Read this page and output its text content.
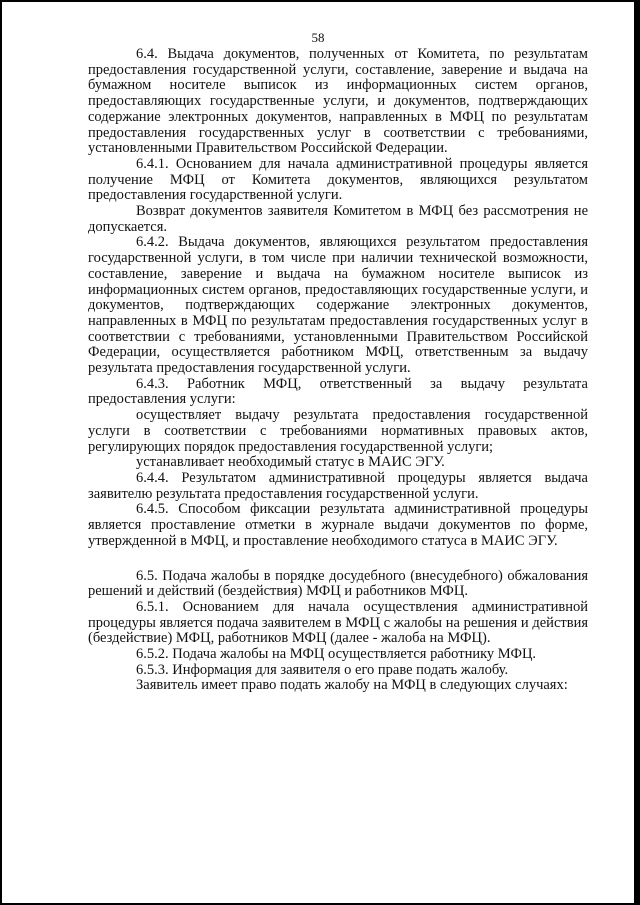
58

6.4. Выдача документов, полученных от Комитета, по результатам предоставления государственной услуги, составление, заверение и выдача на бумажном носителе выписок из информационных систем органов, предоставляющих государственные услуги, и документов, подтверждающих содержание электронных документов, направленных в МФЦ по результатам предоставления государственных услуг в соответствии с требованиями, установленными Правительством Российской Федерации.

6.4.1. Основанием для начала административной процедуры является получение МФЦ от Комитета документов, являющихся результатом предоставления государственной услуги.

Возврат документов заявителя Комитетом в МФЦ без рассмотрения не допускается.

6.4.2. Выдача документов, являющихся результатом предоставления государственной услуги, в том числе при наличии технической возможности, составление, заверение и выдача на бумажном носителе выписок из информационных систем органов, предоставляющих государственные услуги, и документов, подтверждающих содержание электронных документов, направленных в МФЦ по результатам предоставления государственных услуг в соответствии с требованиями, установленными Правительством Российской Федерации, осуществляется работником МФЦ, ответственным за выдачу результата предоставления государственной услуги.

6.4.3. Работник МФЦ, ответственный за выдачу результата предоставления услуги:

осуществляет выдачу результата предоставления государственной услуги в соответствии с требованиями нормативных правовых актов, регулирующих порядок предоставления государственной услуги;

устанавливает необходимый статус в МАИС ЭГУ.

6.4.4. Результатом административной процедуры является выдача заявителю результата предоставления государственной услуги.

6.4.5. Способом фиксации результата административной процедуры является проставление отметки в журнале выдачи документов по форме, утвержденной в МФЦ, и проставление необходимого статуса в МАИС ЭГУ.

6.5. Подача жалобы в порядке досудебного (внесудебного) обжалования решений и действий (бездействия) МФЦ и работников МФЦ.

6.5.1. Основанием для начала осуществления административной процедуры является подача заявителем в МФЦ с жалобы на решения и действия (бездействие) МФЦ, работников МФЦ (далее - жалоба на МФЦ).

6.5.2. Подача жалобы на МФЦ осуществляется работнику МФЦ.

6.5.3. Информация для заявителя о его праве подать жалобу.

Заявитель имеет право подать жалобу на МФЦ в следующих случаях:
